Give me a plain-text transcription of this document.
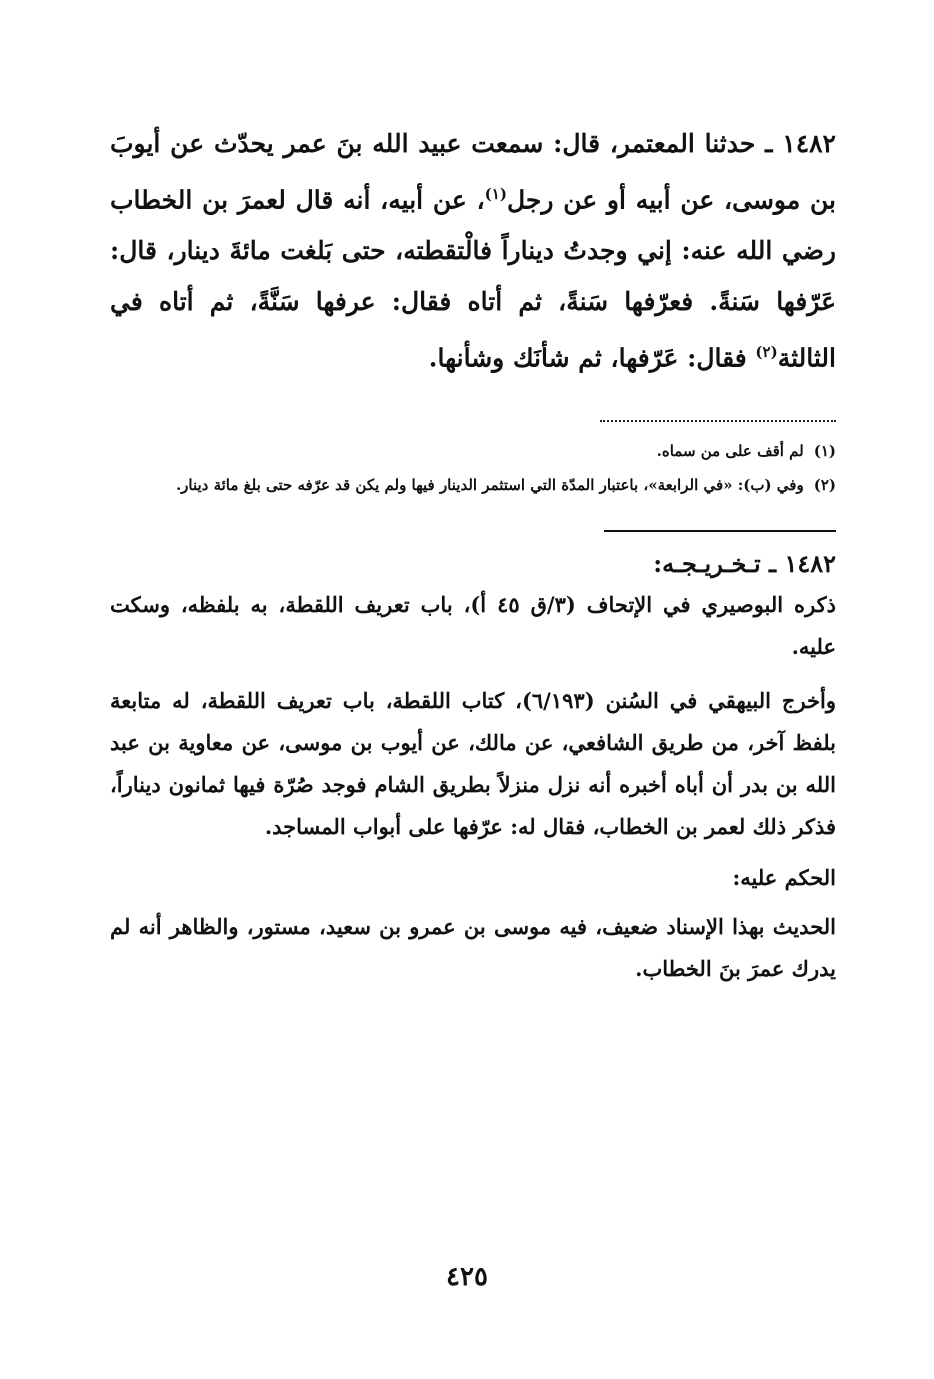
١٤٨٢ ـ حدثنا المعتمر، قال: سمعت عبيد الله بنَ عمر يحدّث عن أيوبَ بن موسى، عن أبيه أو عن رجل$^{(١)}$، عن أبيه، أنه قال لعمرَ بن الخطاب رضي الله عنه: إني وجدتُ ديناراً فالْتقطته، حتى بَلغت مائةَ دينار، قال: عَرّفها سَنةً. فعرّفها سَنةً، ثم أتاه فقال: عرفها سَنَّةً، ثم أتاه في الثالثة$^{(٢)}$ فقال: عَرّفها، ثم شأنَك وشأنها.

(١)
لم أقف على من سماه.
(٢)
وفي (ب): «في الرابعة»، باعتبار المدّة التي استثمر الدينار فيها ولم يكن قد عرّفه حتى بلغ مائة دينار.
١٤٨٢ ـ تـخـريـجـه:

ذكره البوصيري في الإتحاف (٣/ق ٤٥ أ)، باب تعريف اللقطة، به بلفظه، وسكت عليه.

وأخرج البيهقي في السُنن (٦/١٩٣)، كتاب اللقطة، باب تعريف اللقطة، له متابعة بلفظ آخر، من طريق الشافعي، عن مالك، عن أيوب بن موسى، عن معاوية بن عبد الله بن بدر أن أباه أخبره أنه نزل منزلاً بطريق الشام فوجد صُرّة فيها ثمانون ديناراً، فذكر ذلك لعمر بن الخطاب، فقال له: عرّفها على أبواب المساجد.

الحكم عليه:

الحديث بهذا الإسناد ضعيف، فيه موسى بن عمرو بن سعيد، مستور، والظاهر أنه لم يدرك عمرَ بنَ الخطاب.

٤٢٥
